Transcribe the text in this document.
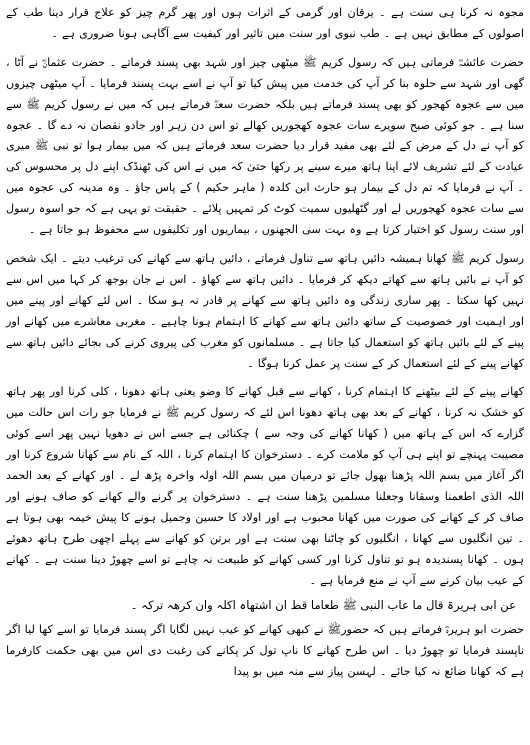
مجوہ نہ کرنا ہی سنت ہے ۔ یرقان اور گرمی کے اثرات ہوں اور پھر گرم چیز کو علاج قرار دینا طب کے اصولوں کے مطابق نہیں ہے ۔ طب نبوی اور سنت میں تاثیر اور کیفیت سے آگاہی ہونا ضروری ہے ۔

حضرت عائشہؓ فرماتی ہیں کہ رسول کریم ﷺ میٹھی چیز اور شہد بھی پسند فرماتے ۔ حضرت عثمانؓ نے آٹا ، گھی اور شہد سے حلوہ بنا کر آپ کی خدمت میں پیش کیا تو آپ نے اسے بہت پسند فرمایا ۔ آپ میٹھی چیزوں میں سے عجوہ کھجور کو بھی پسند فرماتے ہیں بلکہ حضرت سعدؓ فرماتے ہیں کہ میں نے رسول کریم ﷺ سے سنا ہے ۔ جو کوئی صبح سویرے سات عجوہ کھجوریں کھالے تو اس دن زہر اور جادو نقصان نہ دے گا ۔ عجوہ کو آپ نے دل کے مرض کے لئے بھی مفید قرار دیا حضرت سعد فرماتے ہیں کہ میں بیمار ہوا تو نبی ﷺ میری عیادت کے لئے تشریف لائے اپنا ہاتھ میرے سینے پر رکھا حتیٰ کہ میں نے اس کی ٹھنڈک اپنے دل پر محسوس کی ۔ آپ نے فرمایا کہ تم دل کے بیمار ہو حارث ابن کلدہ ( ماہر حکیم ) کے پاس جاؤ ۔ وہ مدینہ کی عجوہ میں سے سات عجوہ کھجوریں لے اور گٹھلیوں سمیت کوٹ کر تمہیں پلائے ۔ حقیقت تو یہی ہے کہ جو اسوہ رسول اور سنت رسول کو اختیار کرتا ہے وہ بہت سی الجھنوں ، بیماریوں اور تکلیفوں سے محفوظ ہو جاتا ہے ۔

رسول کریم ﷺ کھانا ہمیشہ دائیں ہاتھ سے تناول فرماتے ، دائیں ہاتھ سے کھانے کی ترغیب دیتے ۔ ایک شخص کو آپ نے بائیں ہاتھ سے کھاتے دیکھ کر فرمایا ۔ دائیں ہاتھ سے کھاؤ ۔ اس نے جان بوجھ کر کہا میں اس سے نہیں کھا سکتا ۔ پھر ساری زندگی وہ دائیں ہاتھ سے کھانے پر قادر نہ ہو سکا ۔ اس لئے کھانے اور پینے میں اور اہمیت اور خصوصیت کے ساتھ دائیں ہاتھ سے کھانے کا اہتمام ہونا چاہیے ۔ مغربی معاشرے میں کھانے اور پینے کے لئے بائیں ہاتھ کو استعمال کیا جاتا ہے ۔ مسلمانوں کو مغرب کی پیروی کرنے کی بجائے دائیں ہاتھ سے کھانے پینے کے لئے استعمال کر کے سنت پر عمل کرنا ہوگا ۔

کھانے پینے کے لئے بیٹھنے کا اہتمام کرنا ، کھانے سے قبل کھانے کا وضو یعنی ہاتھ دھونا ، کلی کرنا اور پھر ہاتھ کو خشک نہ کرنا ، کھانے کے بعد بھی ہاتھ دھونا اس لئے کہ رسول کریم ﷺ نے فرمایا جو رات اس حالت میں گزارے کہ اس کے ہاتھ میں ( کھانا کھانے کی وجہ سے ) چکنائی ہے جسے اس نے دھویا نہیں پھر اسے کوئی مصیبت پہنچے تو اپنے ہی آپ کو ملامت کرے ۔ دسترخوان کا اہتمام کرنا ، اللہ کے نام سے کھانا شروع کرنا اور اگر آغاز میں بسم اللہ پڑھنا بھول جائے تو درمیان میں بسم اللہ اولہ واخرہ پڑھ لے ۔ اور کھانے کے بعد الحمد اللہ الذی اطعمنا وسقانا وجعلنا مسلمین پڑھنا سنت ہے ۔ دسترخوان پر گرنے والے کھانے کو صاف ہونے اور صاف کر کے کھانے کی صورت میں کھانا محبوب ہے اور اولاد کا حسین وجمیل ہونے کا پیش خیمہ بھی ہوتا ہے ۔ تین انگلیوں سے کھانا ، انگلیوں کو چاٹنا بھی سنت ہے اور برتن کو کھانے سے پہلے اچھی طرح ہاتھ دھوئے ہوں ۔ کھانا پسندیدہ ہو تو تناول کرنا اور کسی کھانے کو طبیعت نہ چاہے تو اسے چھوڑ دینا سنت ہے ۔ کھانے کے عیب بیان کرنے سے آپ نے منع فرمایا ہے ۔

عن ابی ہریرۃ قال ما عاب النبی ﷺ طعاما قط ان اشتھاہ اکلہ وان کرھہ ترکہ ۔

حضرت ابو ہریرہؓ فرماتے ہیں کہ حضورﷺ نے کبھی کھانے کو عیب نہیں لگایا اگر پسند فرمایا تو اسے کھا لیا اگر ناپسند فرمایا تو چھوڑ دیا ۔ اس طرح کھانے کا ناپ تول کر پکانے کی رغبت دی اس میں بھی حکمت کارفرما ہے کہ کھانا ضائع نہ کیا جائے ۔ لہسن پیاز سے منہ میں بو پیدا
